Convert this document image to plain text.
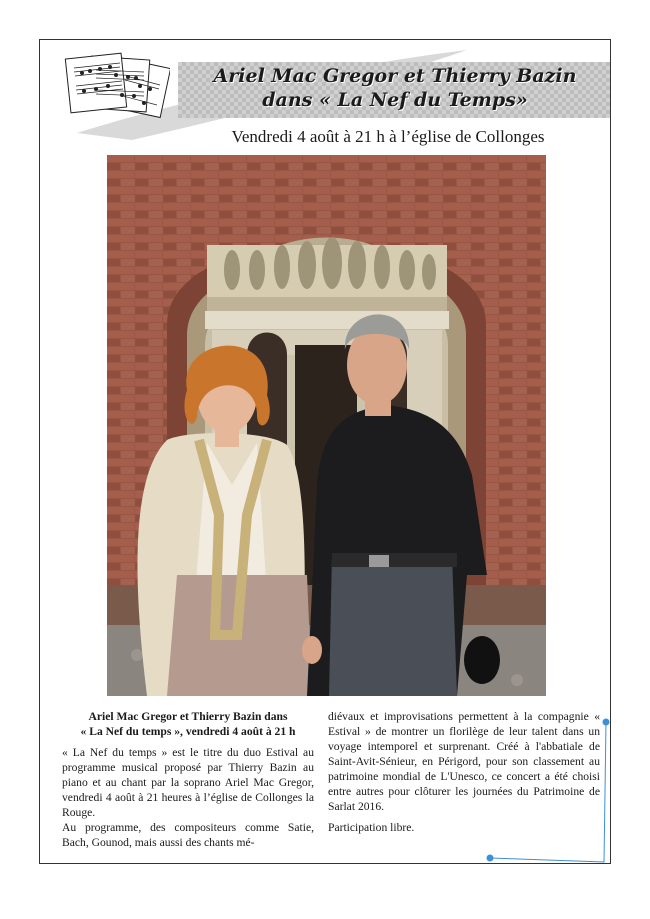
Ariel Mac Gregor et Thierry Bazin
dans « La Nef du Temps»
Vendredi 4 août à 21 h à l’église de Collonges
Ariel Mac Gregor et Thierry Bazin dans
« La Nef du temps », vendredi 4 août à 21 h

« La Nef du temps » est le titre du duo Estival au programme musical proposé par Thierry Bazin au piano et au chant par la soprano Ariel Mac Gregor, vendredi 4 août à 21 heures à l’église de Collonges la Rouge.

Au programme, des compositeurs comme Satie, Bach, Gounod, mais aussi des chants mé-

diévaux et improvisations permettent à la compagnie « Estival » de montrer un florilège de leur talent dans un voyage intemporel et surprenant. Créé à l'abbatiale de Saint-Avit-Sénieur, en Périgord, pour son classement au patrimoine mondial de L'Unesco, ce concert a été choisi entre autres pour clôturer les journées du Patrimoine de Sarlat 2016.

Participation libre.
